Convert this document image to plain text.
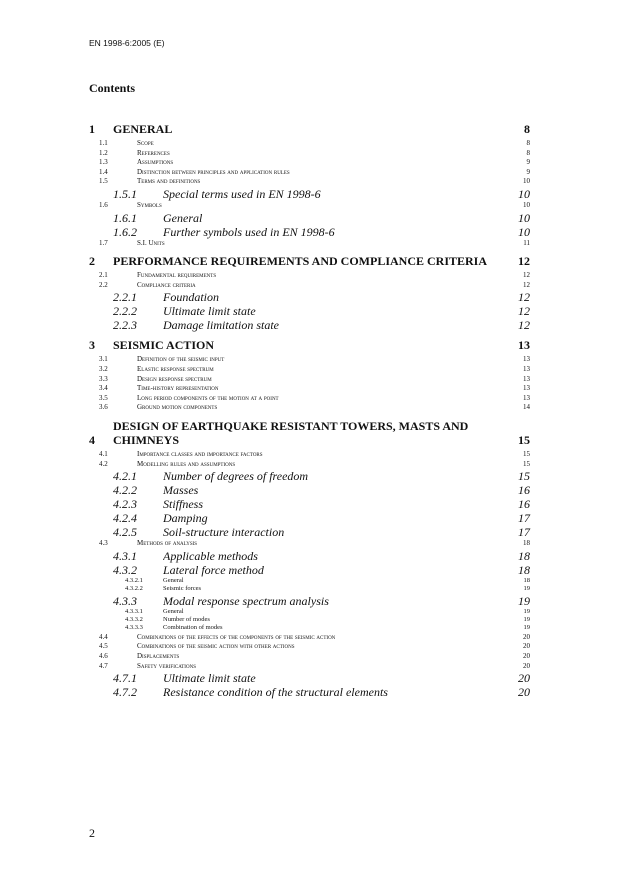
EN 1998-6:2005 (E)
Contents
1	GENERAL	8
1.1	Scope	8
1.2	References	8
1.3	Assumptions	9
1.4	Distinction between principles and application rules	9
1.5	Terms and definitions	10
1.5.1	Special terms used in EN 1998-6	10
1.6	Symbols	10
1.6.1	General	10
1.6.2	Further symbols used in EN 1998-6	10
1.7	S.I. Units	11
2	PERFORMANCE REQUIREMENTS AND COMPLIANCE CRITERIA	12
2.1	Fundamental requirements	12
2.2	Compliance criteria	12
2.2.1	Foundation	12
2.2.2	Ultimate limit state	12
2.2.3	Damage limitation state	12
3	SEISMIC ACTION	13
3.1	Definition of the seismic input	13
3.2	Elastic response spectrum	13
3.3	Design response spectrum	13
3.4	Time-history representation	13
3.5	Long period components of the motion at a point	13
3.6	Ground motion components	14
4
DESIGN OF EARTHQUAKE RESISTANT TOWERS, MASTS AND CHIMNEYS	15
4.1	Importance classes and importance factors	15
4.2	Modelling rules and assumptions	15
4.2.1	Number of degrees of freedom	15
4.2.2	Masses	16
4.2.3	Stiffness	16
4.2.4	Damping	17
4.2.5	Soil-structure interaction	17
4.3	Methods of analysis	18
4.3.1	Applicable methods	18
4.3.2	Lateral force method	18
4.3.2.1	General	18
4.3.2.2	Seismic forces	19
4.3.3	Modal response spectrum analysis	19
4.3.3.1	General	19
4.3.3.2	Number of modes	19
4.3.3.3	Combination of modes	19
4.4	Combinations of the effects of the components of the seismic action	20
4.5	Combinations of the seismic action with other actions	20
4.6	Displacements	20
4.7	Safety verifications	20
4.7.1	Ultimate limit state	20
4.7.2	Resistance condition of the structural elements	20
2
